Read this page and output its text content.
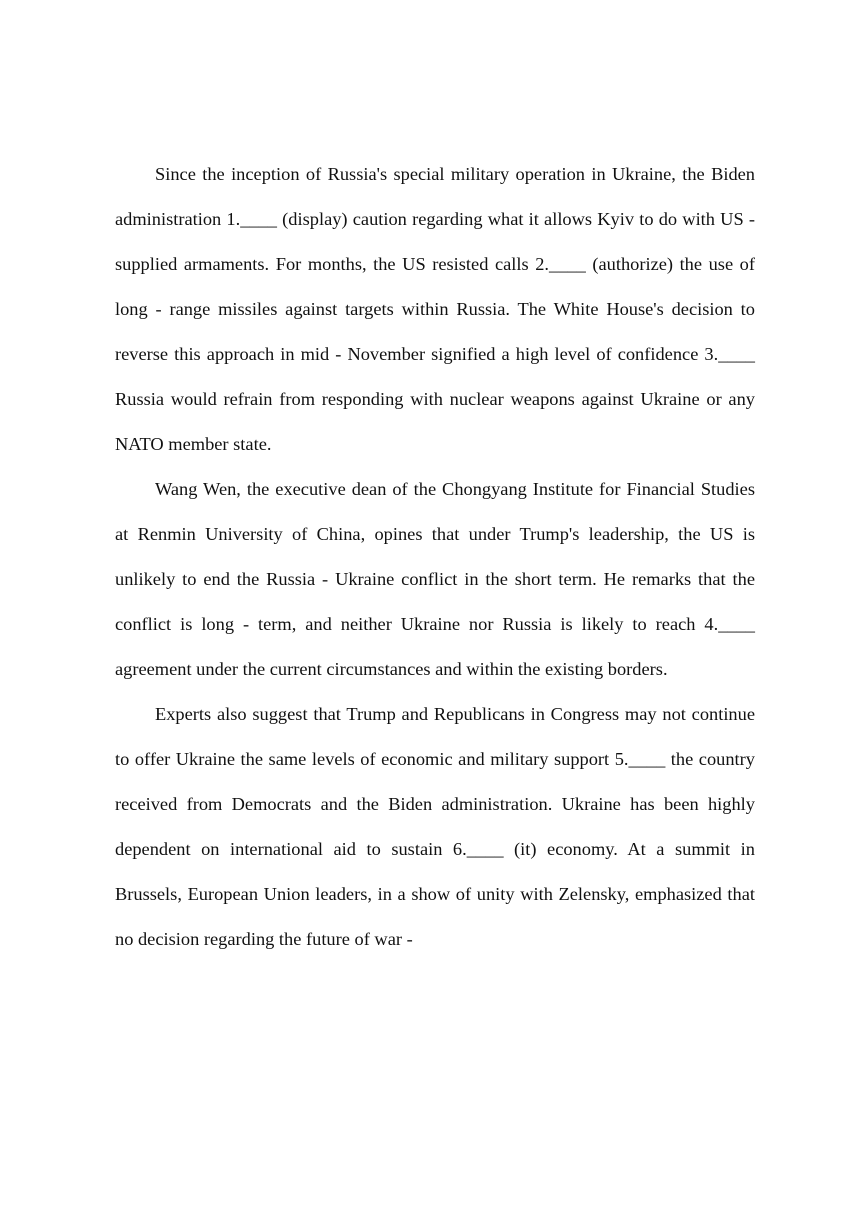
Since the inception of Russia's special military operation in Ukraine, the Biden administration 1.____ (display) caution regarding what it allows Kyiv to do with US - supplied armaments. For months, the US resisted calls 2.____ (authorize) the use of long - range missiles against targets within Russia. The White House's decision to reverse this approach in mid - November signified a high level of confidence 3.____ Russia would refrain from responding with nuclear weapons against Ukraine or any NATO member state.

Wang Wen, the executive dean of the Chongyang Institute for Financial Studies at Renmin University of China, opines that under Trump's leadership, the US is unlikely to end the Russia - Ukraine conflict in the short term. He remarks that the conflict is long - term, and neither Ukraine nor Russia is likely to reach 4.____ agreement under the current circumstances and within the existing borders.

Experts also suggest that Trump and Republicans in Congress may not continue to offer Ukraine the same levels of economic and military support 5.____ the country received from Democrats and the Biden administration. Ukraine has been highly dependent on international aid to sustain 6.____ (it) economy. At a summit in Brussels, European Union leaders, in a show of unity with Zelensky, emphasized that no decision regarding the future of war -
